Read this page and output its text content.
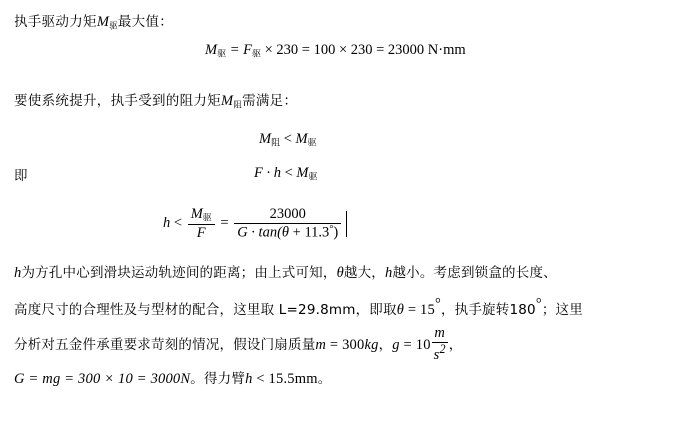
执手驱动力矩$M_驱$最大值：
$M_驱 = F_驱 \times 230 = 100 \times 230 = 23000$ N·mm
要使系统提升，执手受到的阻力矩$M_阻$需满足：
$M_阻 < M_驱$
即	$F \cdot h < M_驱$
$h < \frac{M_驱}{F} = \frac{23000}{G \cdot \tan(\theta + 11.3^\circ)}$
h为方孔中心到滑块运动轨迹间的距离；由上式可知，θ越大，h越小。考虑到锁盒的长度、
高度尺寸的合理性及与型材的配合，这里取 L=29.8mm，即取θ = 15°，执手旋转180°；这里
分析对五金件承重要求苛刻的情况，假设门扇质量m = 300kg，$g = 10 \frac{m}{s^2}$ ，
G = mg = 300 × 10 = 3000N。得力臂h < 15.5mm。
